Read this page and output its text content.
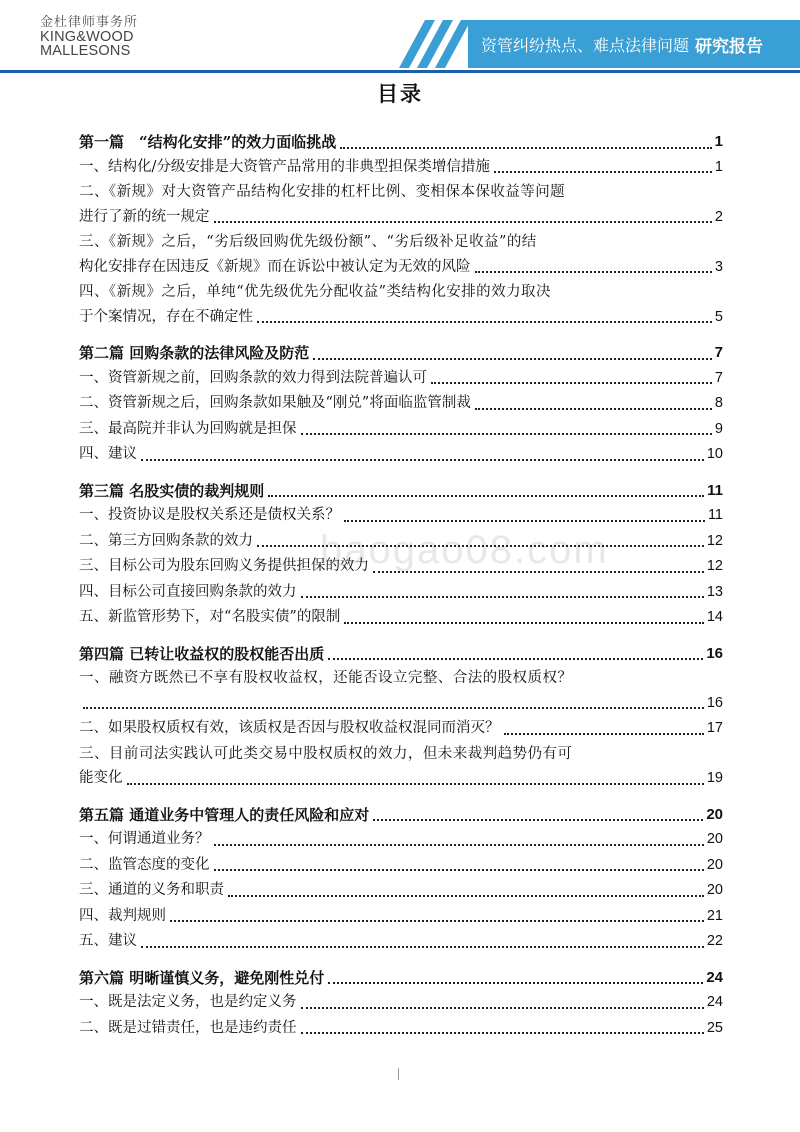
金杜律师事务所
KING&WOOD
MALLESONS	资管纠纷热点、难点法律问题 研究报告
目录
baogao08.com
第一篇　“结构化安排”的效力面临挑战	1
一、结构化/分级安排是大资管产品常用的非典型担保类增信措施	1
二、《新规》对大资管产品结构化安排的杠杆比例、变相保本保收益等问题
进行了新的统一规定	2
三、《新规》之后，“劣后级回购优先级份额”、“劣后级补足收益”的结
构化安排存在因违反《新规》而在诉讼中被认定为无效的风险	3
四、《新规》之后，单纯“优先级优先分配收益”类结构化安排的效力取决
于个案情况，存在不确定性	5
第二篇 回购条款的法律风险及防范	7
一、资管新规之前，回购条款的效力得到法院普遍认可	7
二、资管新规之后，回购条款如果触及“刚兑”将面临监管制裁	8
三、最高院并非认为回购就是担保	9
四、建议	10
第三篇 名股实债的裁判规则	11
一、投资协议是股权关系还是债权关系？	11
二、第三方回购条款的效力	12
三、目标公司为股东回购义务提供担保的效力	12
四、目标公司直接回购条款的效力	13
五、新监管形势下，对“名股实债”的限制	14
第四篇 已转让收益权的股权能否出质	16
一、融资方既然已不享有股权收益权，还能否设立完整、合法的股权质权？
16
二、如果股权质权有效，该质权是否因与股权收益权混同而消灭？	17
三、目前司法实践认可此类交易中股权质权的效力，但未来裁判趋势仍有可
能变化	19
第五篇 通道业务中管理人的责任风险和应对	20
一、何谓通道业务？	20
二、监管态度的变化	20
三、通道的义务和职责	20
四、裁判规则	21
五、建议	22
第六篇 明晰谨慎义务，避免刚性兑付	24
一、既是法定义务，也是约定义务	24
二、既是过错责任，也是违约责任	25
